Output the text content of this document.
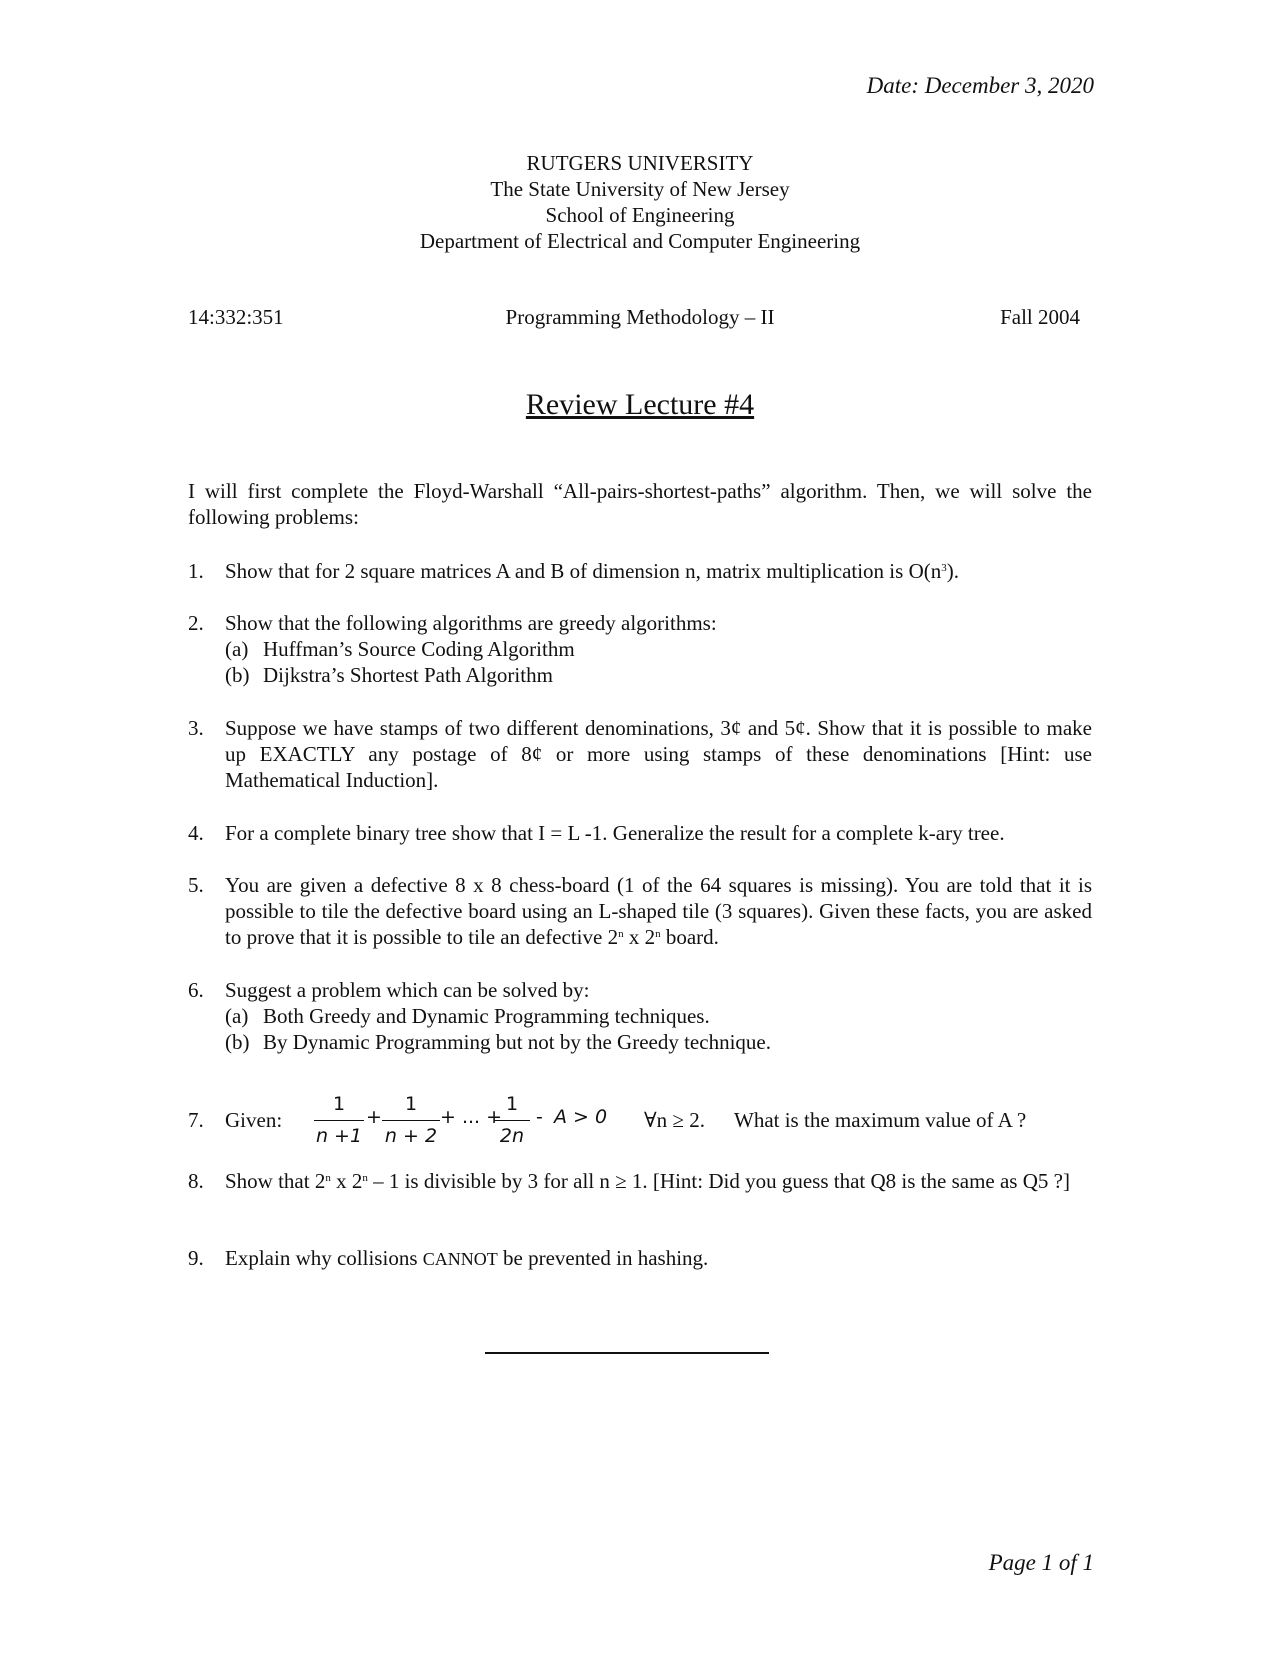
Date: December 3, 2020
RUTGERS UNIVERSITY
The State University of New Jersey
School of Engineering
Department of Electrical and Computer Engineering
14:332:351	Programming Methodology – II	Fall 2004
Review Lecture #4
I will first complete the Floyd-Warshall “All-pairs-shortest-paths” algorithm. Then, we will solve the following problems:
1. Show that for 2 square matrices A and B of dimension n, matrix multiplication is $O(n^3)$.
2. Show that the following algorithms are greedy algorithms:
(a) Huffman’s Source Coding Algorithm
(b) Dijkstra’s Shortest Path Algorithm
3. Suppose we have stamps of two different denominations, 3¢ and 5¢. Show that it is possible to make up EXACTLY any postage of 8¢ or more using stamps of these denominations [Hint: use Mathematical Induction].
4. For a complete binary tree show that I = L -1. Generalize the result for a complete k-ary tree.
5. You are given a defective 8 x 8 chess-board (1 of the 64 squares is missing). You are told that it is possible to tile the defective board using an L-shaped tile (3 squares). Given these facts, you are asked to prove that it is possible to tile an defective 2$^n$ x 2$^n$ board.
6. Suggest a problem which can be solved by:
(a) Both Greedy and Dynamic Programming techniques.
(b) By Dynamic Programming but not by the Greedy technique.
7. Given: $\frac{1}{n +1} + \frac{1}{n + 2}$ + ... +
$\frac{1}{2n} - A > 0$ ∀n ≥ 2. What is the maximum value of A ?
8. Show that 2$^n$ x 2$^n$ – 1 is divisible by 3 for all n ≥ 1. [Hint: Did you guess that Q8 is the same as Q5 ?]
9. Explain why collisions CANNOT be prevented in hashing.
Page 1 of 1
